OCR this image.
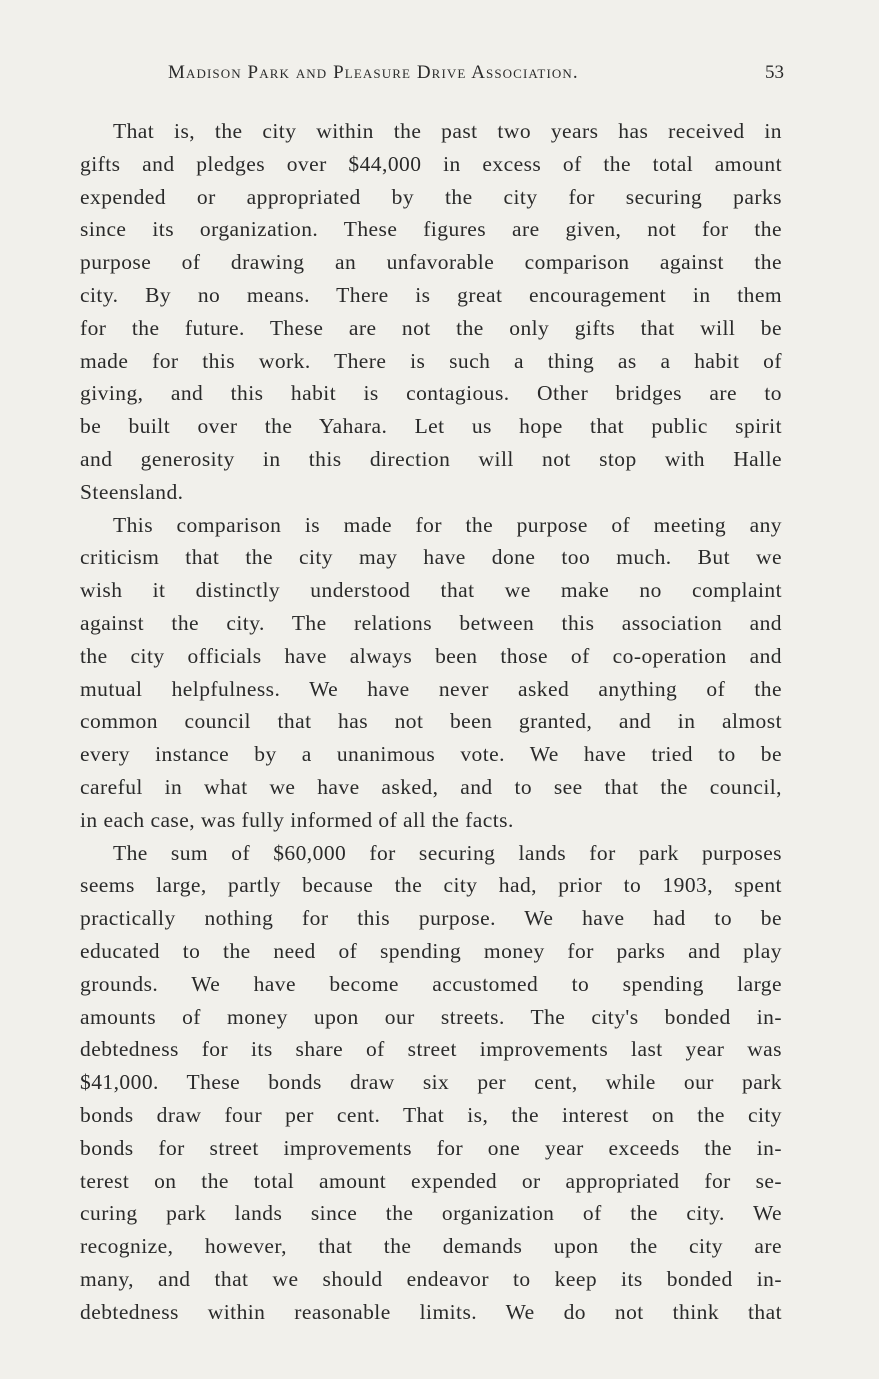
Madison Park and Pleasure Drive Association.	53
That is, the city within the past two years has received in
gifts and pledges over $44,000 in excess of the total amount
expended or appropriated by the city for securing parks
since its organization. These figures are given, not for the
purpose of drawing an unfavorable comparison against the
city. By no means. There is great encouragement in them
for the future. These are not the only gifts that will be
made for this work. There is such a thing as a habit of
giving, and this habit is contagious. Other bridges are to
be built over the Yahara. Let us hope that public spirit
and generosity in this direction will not stop with Halle
Steensland.
This comparison is made for the purpose of meeting any
criticism that the city may have done too much. But we
wish it distinctly understood that we make no complaint
against the city. The relations between this association and
the city officials have always been those of co-operation and
mutual helpfulness. We have never asked anything of the
common council that has not been granted, and in almost
every instance by a unanimous vote. We have tried to be
careful in what we have asked, and to see that the council,
in each case, was fully informed of all the facts.
The sum of $60,000 for securing lands for park purposes
seems large, partly because the city had, prior to 1903, spent
practically nothing for this purpose. We have had to be
educated to the need of spending money for parks and play
grounds. We have become accustomed to spending large
amounts of money upon our streets. The city's bonded in-
debtedness for its share of street improvements last year was
$41,000. These bonds draw six per cent, while our park
bonds draw four per cent. That is, the interest on the city
bonds for street improvements for one year exceeds the in-
terest on the total amount expended or appropriated for se-
curing park lands since the organization of the city. We
recognize, however, that the demands upon the city are
many, and that we should endeavor to keep its bonded in-
debtedness within reasonable limits. We do not think that
